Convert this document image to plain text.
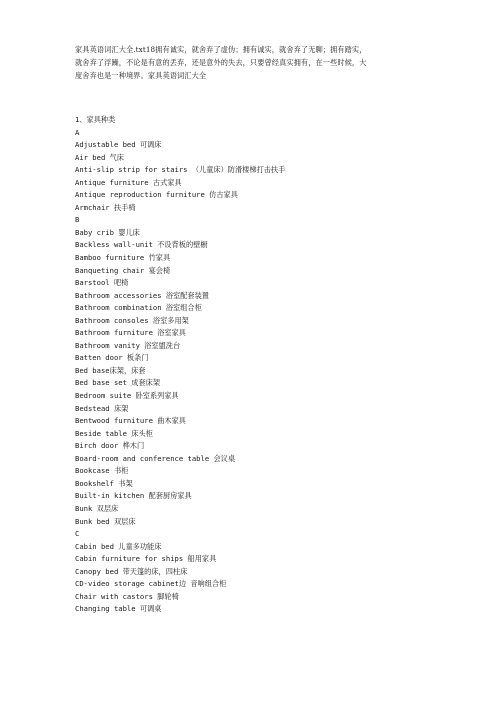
家具英语词汇大全.txt18拥有诚实，就舍弃了虚伪；拥有诚实，就舍弃了无聊；拥有踏实，
就舍弃了浮躁，不论是有意的丢弃，还是意外的失去，只要曾经真实拥有，在一些时候，大
度舍弃也是一种境界。家具英语词汇大全
1、家具种类
A
Adjustable bed 可调床
Air bed 气床
Anti-slip strip for stairs （儿童床）防滑楼梯打击扶手
Antique furniture 古式家具
Antique reproduction furniture 仿古家具
Armchair 扶手椅
B
Baby crib 婴儿床
Backless wall-unit 不设背板的壁橱
Bamboo furniture 竹家具
Banqueting chair 宴会椅
Barstool 吧椅
Bathroom accessories 浴室配套装置
Bathroom combination 浴室组合柜
Bathroom consoles 浴室多用架
Bathroom furniture 浴室家具
Bathroom vanity 浴室盥洗台
Batten door 板条门
Bed base床架，床套
Bed base set 成套床架
Bedroom suite 卧室系列家具
Bedstead 床架
Bentwood furniture 曲木家具
Beside table 床头柜
Birch door 桦木门
Board-room and conference table 会议桌
Bookcase 书柜
Bookshelf 书架
Built-in kitchen 配套厨房家具
Bunk 双层床
Bunk bed 双层床
C
Cabin bed 儿童多功能床
Cabin furniture for ships 船用家具
Canopy bed 带天篷的床，四柱床
CD-video storage cabinet边 音响组合柜
Chair with castors 脚轮椅
Changing table 可调桌
